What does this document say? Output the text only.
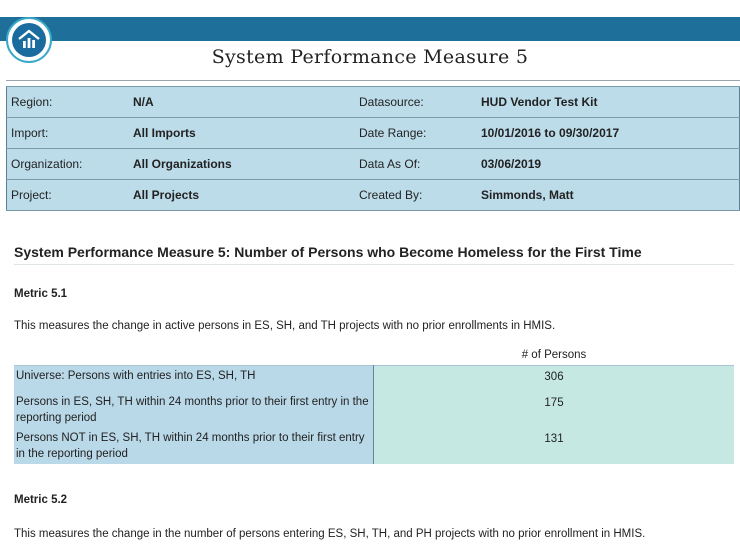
System Performance Measure 5
Region:	N/A	Datasource:	HUD Vendor Test Kit
Import:	All Imports	Date Range:	10/01/2016 to 09/30/2017
Organization:	All Organizations	Data As Of:	03/06/2019
Project:	All Projects	Created By:	Simmonds, Matt
System Performance Measure 5: Number of Persons who Become Homeless for the First Time
Metric 5.1
This measures the change in active persons in ES, SH, and TH projects with no prior enrollments in HMIS.
# of Persons
Universe: Persons with entries into ES, SH, TH	306
Persons in ES, SH, TH within 24 months prior to their first entry in the reporting period	175
Persons NOT in ES, SH, TH within 24 months prior to their first entry in the reporting period	131
Metric 5.2
This measures the change in the number of persons entering ES, SH, TH, and PH projects with no prior enrollment in HMIS.
